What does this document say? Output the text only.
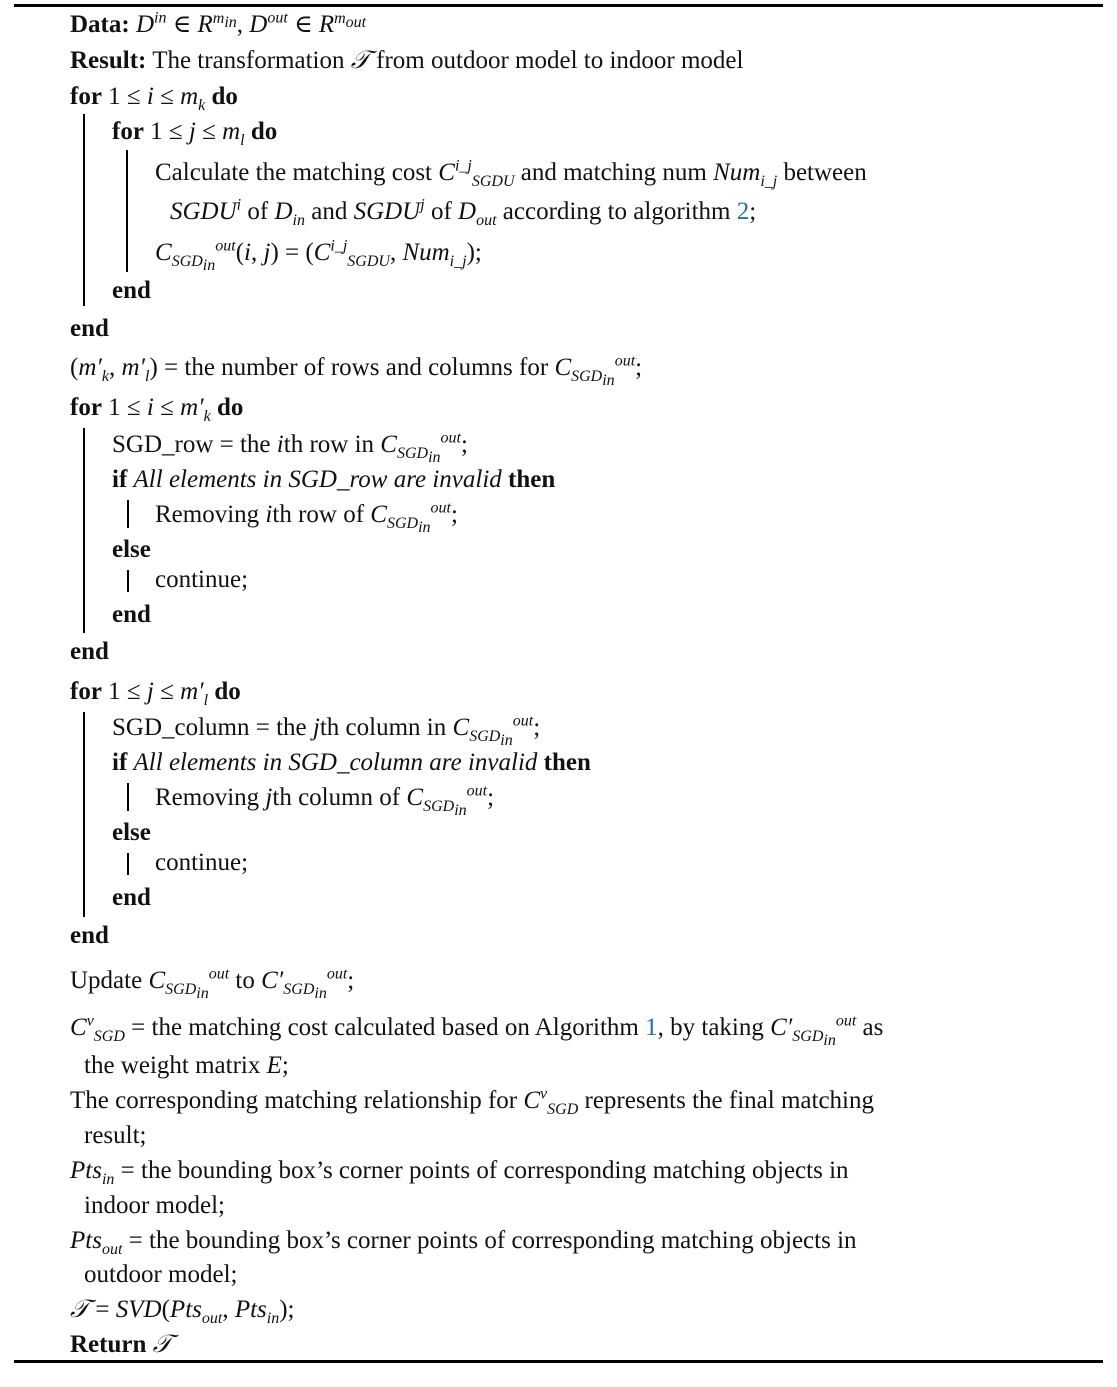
Data: $D^{in}$ ∈ $R^{m_{in}}$, $D^{out}$ ∈ $R^{m_{out}}$
Result: The transformation 𝒯 from outdoor model to indoor model
for $1 \le i \le m_k$ do
for $1 \le j \le m_l$ do
Calculate the matching cost $C^{i\_j}_{SGDU}$ and matching num Num$_{i\_j}$ between
SGDU$^i$ of $D_{in}$ and SGDU$^j$ of $D_{out}$ according to algorithm 2;
$C_{SGD_{in}}^{out}(i$, $j) = (C^{i\_j}_{SGDU}$, Num$_{i\_j}$);
end
end
($m'_k$, $m'_l$) = the number of rows and columns for $C_{SGD_{in}}^{out}$;
for $1 \le i \le m'_k$ do
SGD_row = the ith row in $C_{SGD_{in}}^{out}$;
if All elements in SGD_row are invalid then
Removing ith row of $C_{SGD_{in}}^{out}$;
else
continue;
end
end
for $1 \le j \le m'_l$ do
SGD_column = the jth column in $C_{SGD_{in}}^{out}$;
if All elements in SGD_column are invalid then
Removing jth column of $C_{SGD_{in}}^{out}$;
else
continue;
end
end
Update $C_{SGD_{in}}^{out}$ to $C'_{SGD_{in}}^{out}$;
$C^v_{SGD}$ = the matching cost calculated based on Algorithm 1, by taking $C'_{SGD_{in}}^{out}$ as
the weight matrix E;
The corresponding matching relationship for $C^v_{SGD}$ represents the final matching
result;
Pts$_{in}$ = the bounding box’s corner points of corresponding matching objects in
indoor model;
Pts$_{out}$ = the bounding box’s corner points of corresponding matching objects in
outdoor model;
𝒯 = SVD(Pts$_{out}$, Pts$_{in}$);
Return 𝒯
